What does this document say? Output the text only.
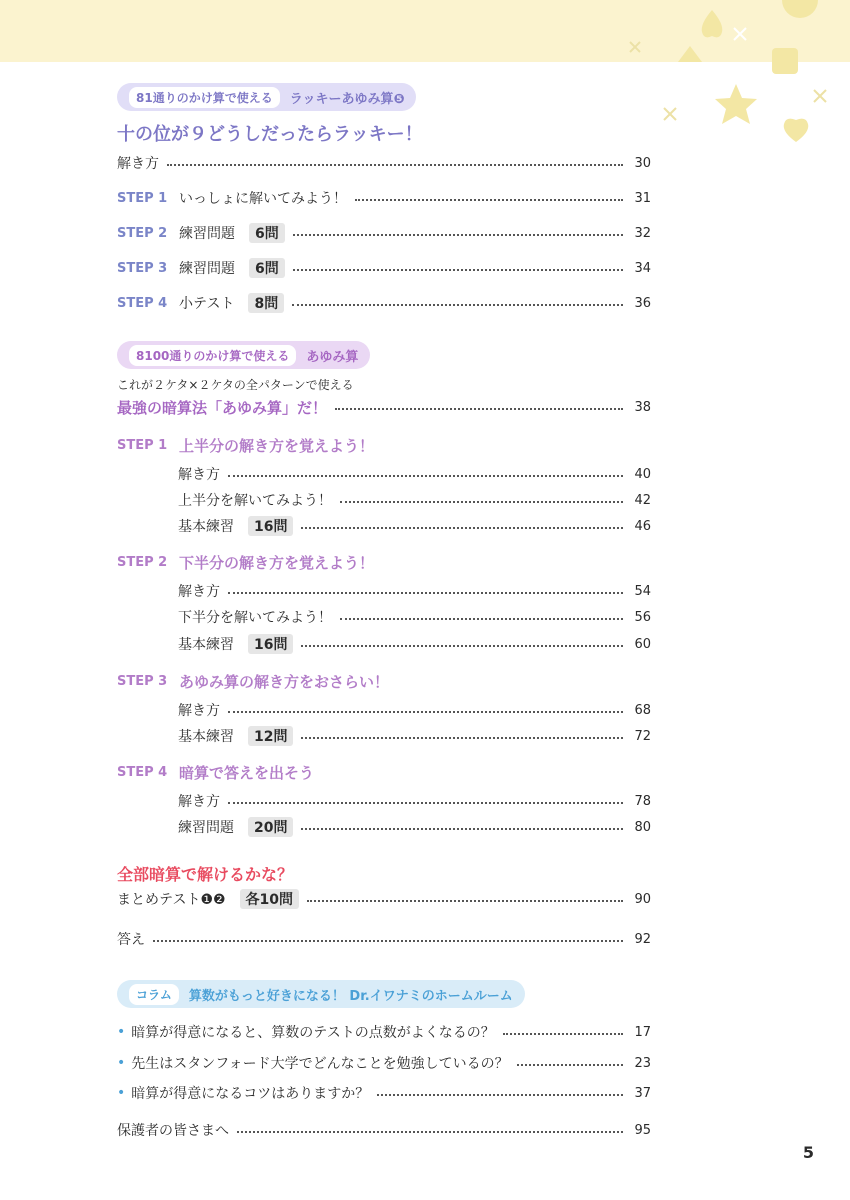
81通りのかけ算で使える	ラッキーあゆみ算❺
十の位が９どうしだったらラッキー！
解き方	30
STEP 1 いっしょに解いてみよう！	31
STEP 2 練習問題	6問	32
STEP 3 練習問題	6問	34
STEP 4 小テスト	8問	36
8100通りのかけ算で使える	あゆみ算
これが２ケタ×２ケタの全パターンで使える
最強の暗算法「あゆみ算」だ！	38
STEP 1 上半分の解き方を覚えよう！
解き方	40
上半分を解いてみよう！	42
基本練習	16問	46
STEP 2 下半分の解き方を覚えよう！
解き方	54
下半分を解いてみよう！	56
基本練習	16問	60
STEP 3 あゆみ算の解き方をおさらい！
解き方	68
基本練習	12問	72
STEP 4 暗算で答えを出そう
解き方	78
練習問題	20問	80
全部暗算で解けるかな？
まとめテスト❶❷	各10問	90
答え	92
コラム	算数がもっと好きになる！ Dr.イワナミのホームルーム
• 暗算が得意になると、算数のテストの点数がよくなるの？	17
• 先生はスタンフォード大学でどんなことを勉強しているの？	23
• 暗算が得意になるコツはありますか？	37
保護者の皆さまへ	95
5
